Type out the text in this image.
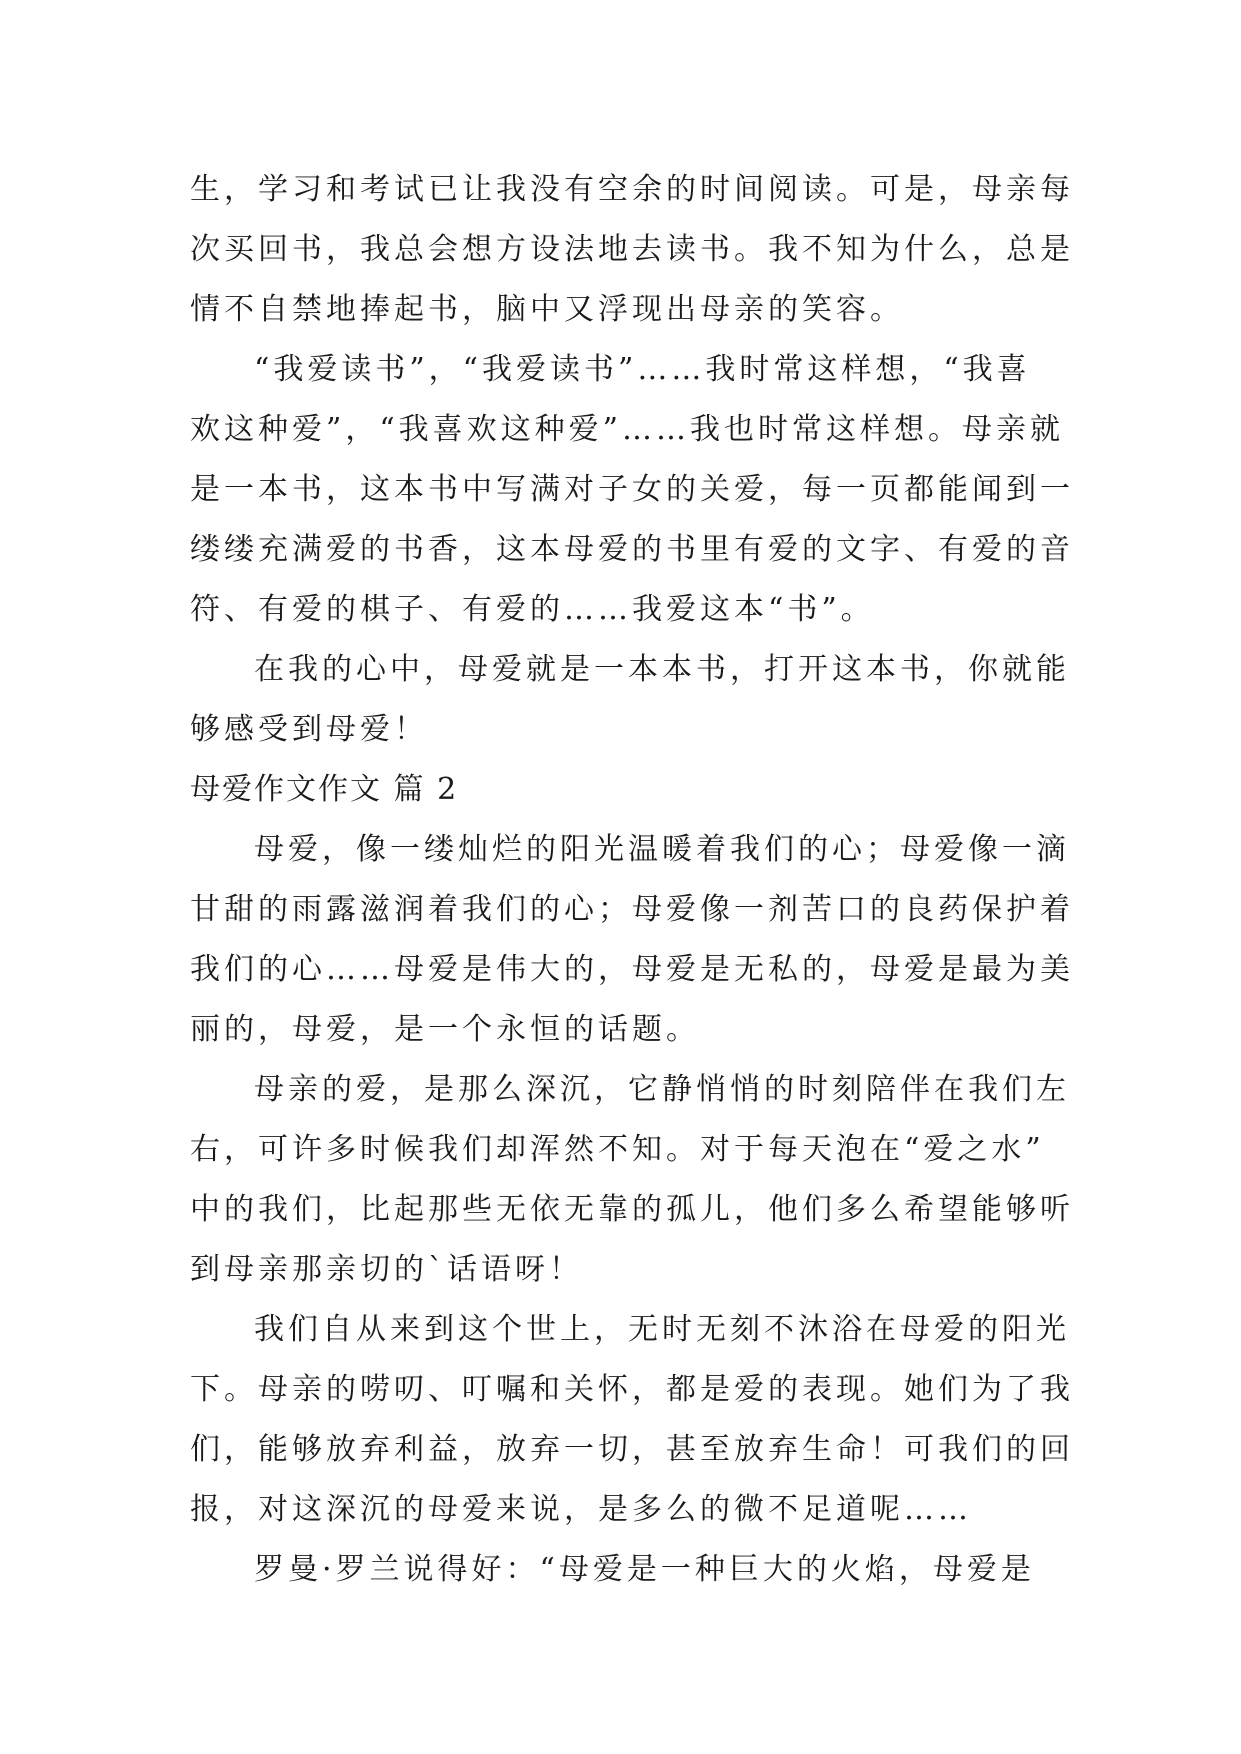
生，学习和考试已让我没有空余的时间阅读。可是，母亲每
次买回书，我总会想方设法地去读书。我不知为什么，总是
情不自禁地捧起书，脑中又浮现出母亲的笑容。
“我爱读书”，“我爱读书”……我时常这样想，“我喜
欢这种爱”，“我喜欢这种爱”……我也时常这样想。母亲就
是一本书，这本书中写满对子女的关爱，每一页都能闻到一
缕缕充满爱的书香，这本母爱的书里有爱的文字、有爱的音
符、有爱的棋子、有爱的……我爱这本“书”。
在我的心中，母爱就是一本本书，打开这本书，你就能
够感受到母爱！
母爱作文作文 篇 2
母爱，像一缕灿烂的阳光温暖着我们的心；母爱像一滴
甘甜的雨露滋润着我们的心；母爱像一剂苦口的良药保护着
我们的心……母爱是伟大的，母爱是无私的，母爱是最为美
丽的，母爱，是一个永恒的话题。
母亲的爱，是那么深沉，它静悄悄的时刻陪伴在我们左
右，可许多时候我们却浑然不知。对于每天泡在“爱之水”
中的我们，比起那些无依无靠的孤儿，他们多么希望能够听
到母亲那亲切的`话语呀！
我们自从来到这个世上，无时无刻不沐浴在母爱的阳光
下。母亲的唠叨、叮嘱和关怀，都是爱的表现。她们为了我
们，能够放弃利益，放弃一切，甚至放弃生命！可我们的回
报，对这深沉的母爱来说，是多么的微不足道呢……
罗曼·罗兰说得好：“母爱是一种巨大的火焰，母爱是
